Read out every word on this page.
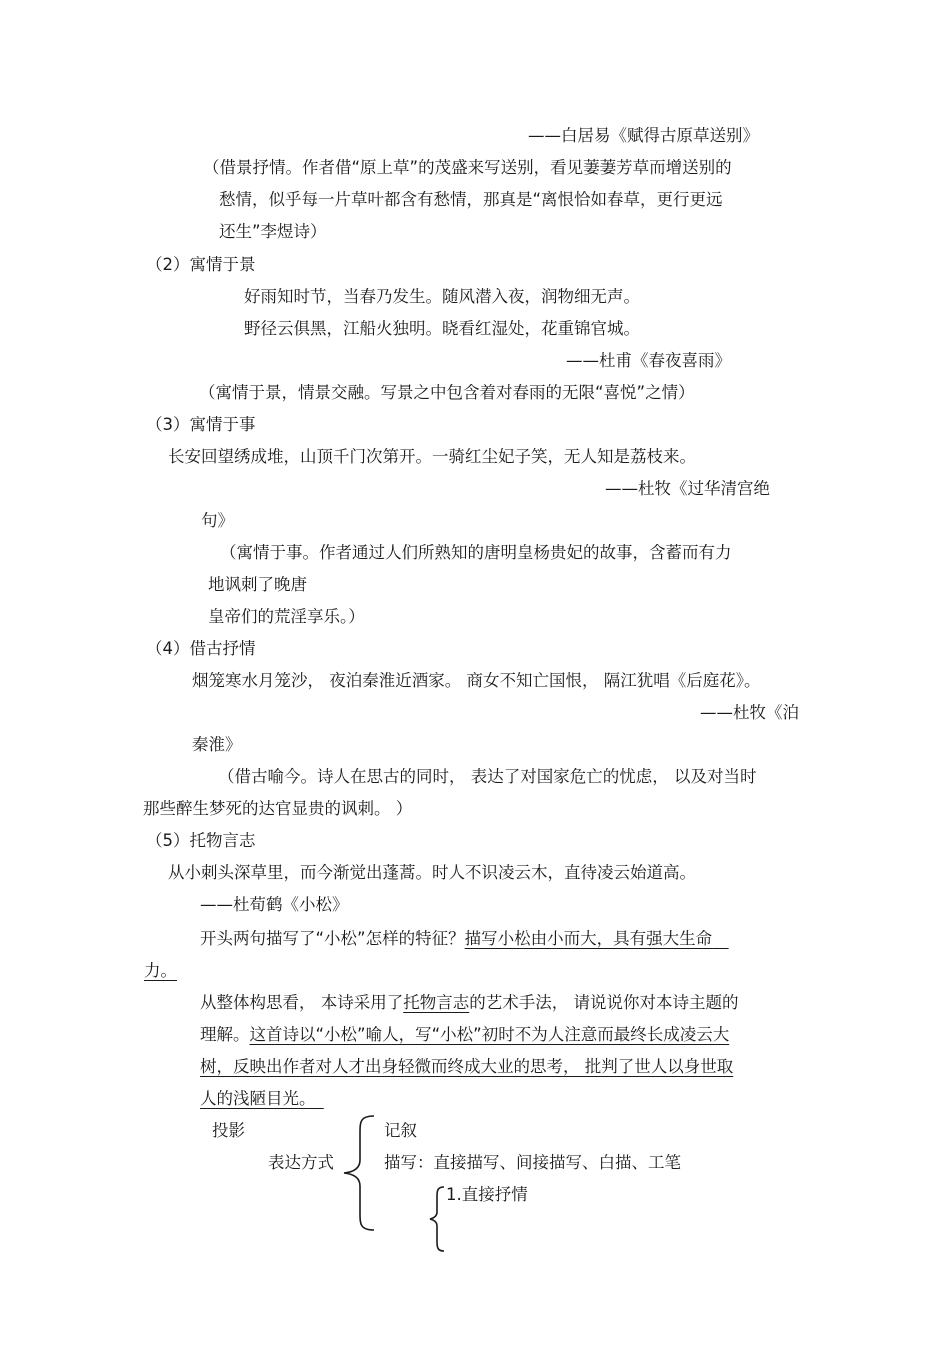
——白居易《赋得古原草送别》
（借景抒情。作者借“原上草”的茂盛来写送别，看见萋萋芳草而增送别的
愁情，似乎每一片草叶都含有愁情，那真是“离恨恰如春草，更行更远
还生”李煜诗）
（2）寓情于景
好雨知时节，当春乃发生。随风潜入夜，润物细无声。
野径云俱黑，江船火独明。晓看红湿处，花重锦官城。
——杜甫《春夜喜雨》
（寓情于景，情景交融。写景之中包含着对春雨的无限“喜悦”之情）
（3）寓情于事
长安回望绣成堆，山顶千门次第开。一骑红尘妃子笑，无人知是荔枝来。
——杜牧《过华清宫绝
句》
（寓情于事。作者通过人们所熟知的唐明皇杨贵妃的故事，含蓄而有力
地讽刺了晚唐
皇帝们的荒淫享乐。）
（4）借古抒情
烟笼寒水月笼沙， 夜泊秦淮近酒家。 商女不知亡国恨， 隔江犹唱《后庭花》。
——杜牧《泊
秦淮》
（借古喻今。诗人在思古的同时， 表达了对国家危亡的忧虑， 以及对当时
那些醉生梦死的达官显贵的讽刺。 ）
（5）托物言志
从小刺头深草里，而今渐觉出蓬蒿。时人不识凌云木，直待凌云始道高。
——杜荀鹤《小松》
开头两句描写了“小松”怎样的特征？描写小松由小而大，具有强大生命　
力。
从整体构思看， 本诗采用了托物言志的艺术手法， 请说说你对本诗主题的
理解。这首诗以“小松”喻人，写“小松”初时不为人注意而最终长成凌云大
树，反映出作者对人才出身轻微而终成大业的思考， 批判了世人以身世取
人的浅陋目光。　
投影	记叙
表达方式	描写：直接描写、间接描写、白描、工笔
1.直接抒情
